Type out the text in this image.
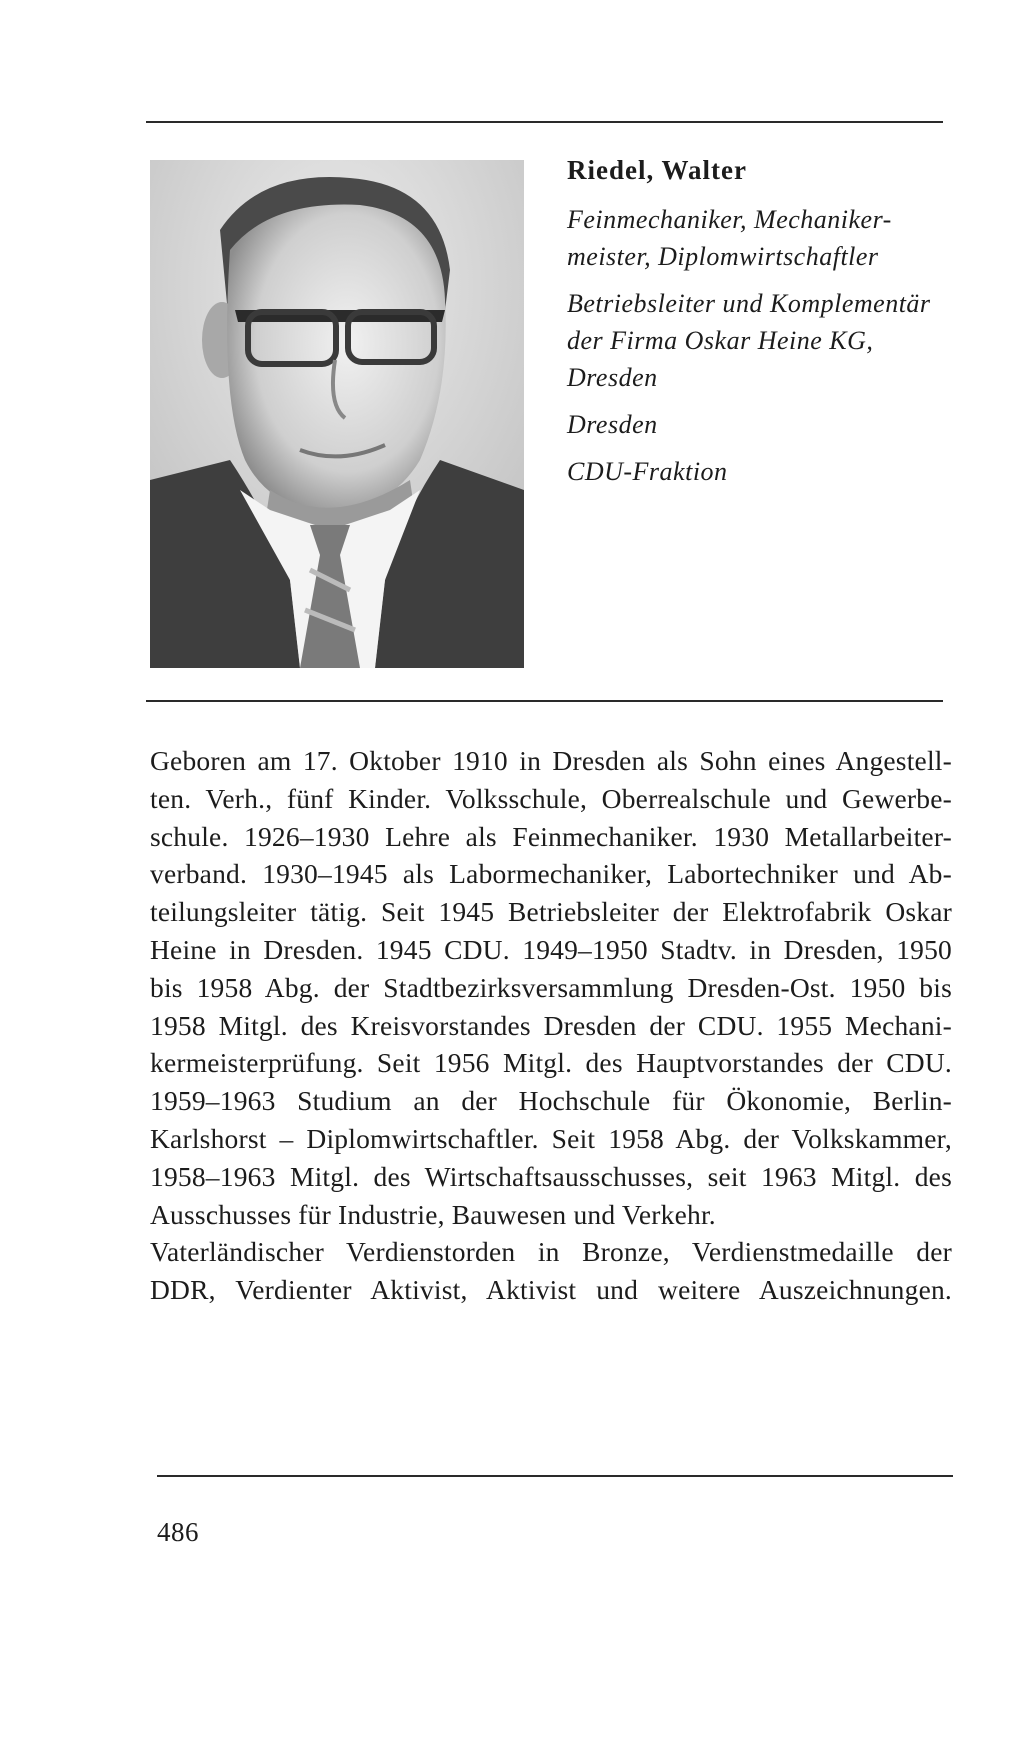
Riedel, Walter

Feinmechaniker, Mechaniker-

meister, Diplomwirtschaftler

Betriebsleiter und Komplementär

der Firma Oskar Heine KG,

Dresden

Dresden

CDU-Fraktion

Geboren am 17. Oktober 1910 in Dresden als Sohn eines Angestell-

ten. Verh., fünf Kinder. Volksschule, Oberrealschule und Gewerbe-

schule. 1926–1930 Lehre als Feinmechaniker. 1930 Metallarbeiter-

verband. 1930–1945 als Labormechaniker, Labortechniker und Ab-

teilungsleiter tätig. Seit 1945 Betriebsleiter der Elektrofabrik Oskar

Heine in Dresden. 1945 CDU. 1949–1950 Stadtv. in Dresden, 1950

bis 1958 Abg. der Stadtbezirksversammlung Dresden-Ost. 1950 bis

1958 Mitgl. des Kreisvorstandes Dresden der CDU. 1955 Mechani-

kermeisterprüfung. Seit 1956 Mitgl. des Hauptvorstandes der CDU.

1959–1963 Studium an der Hochschule für Ökonomie, Berlin-

Karlshorst – Diplomwirtschaftler. Seit 1958 Abg. der Volkskammer,

1958–1963 Mitgl. des Wirtschaftsausschusses, seit 1963 Mitgl. des

Ausschusses für Industrie, Bauwesen und Verkehr.

Vaterländischer Verdienstorden in Bronze, Verdienstmedaille der

DDR, Verdienter Aktivist, Aktivist und weitere Auszeichnungen.

486
